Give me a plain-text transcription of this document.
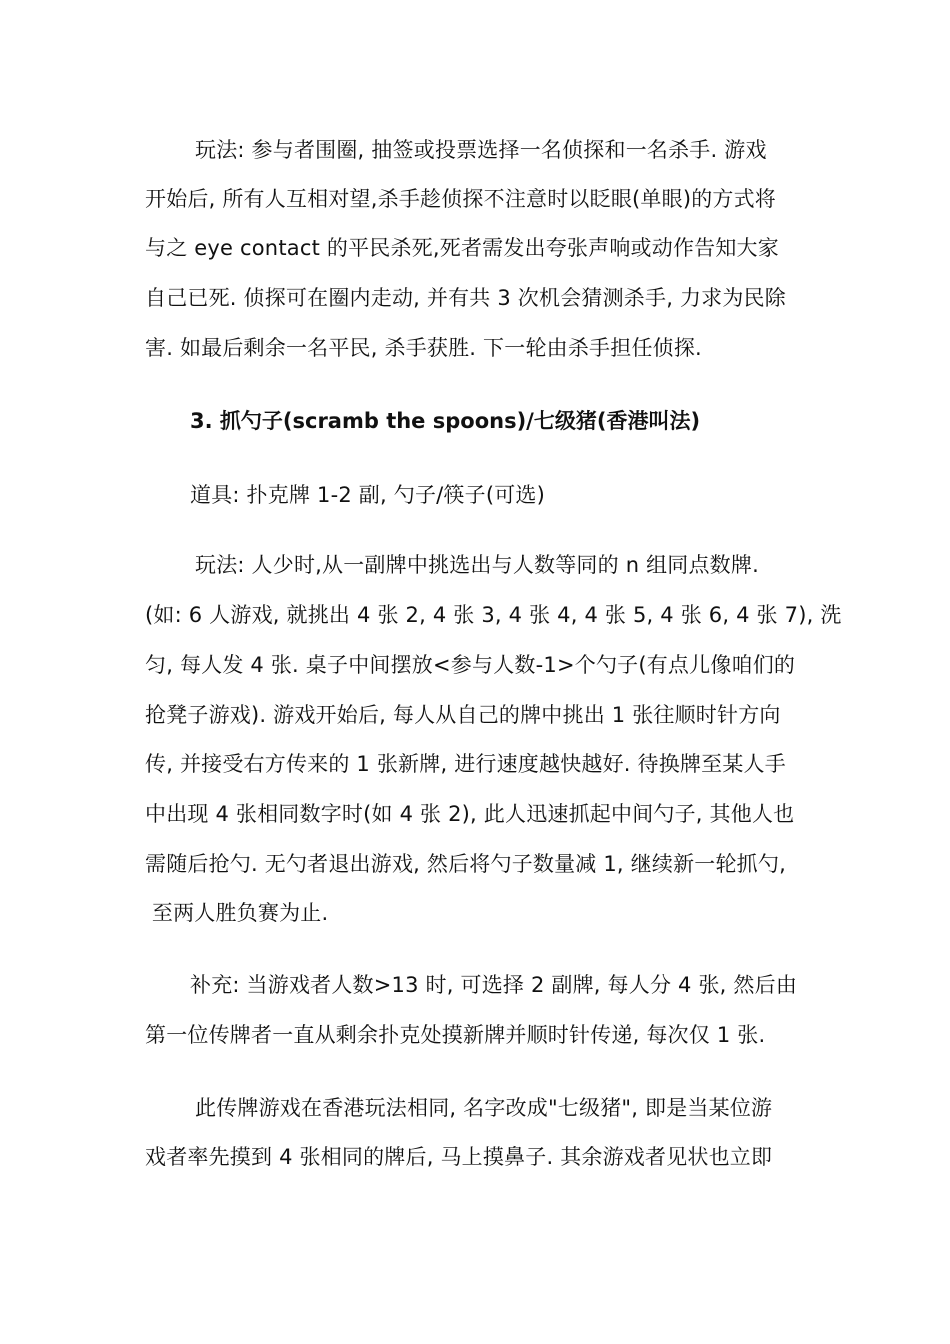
玩法: 参与者围圈, 抽签或投票选择一名侦探和一名杀手. 游戏
开始后, 所有人互相对望,杀手趁侦探不注意时以眨眼(单眼)的方式将
与之 eye contact 的平民杀死,死者需发出夸张声响或动作告知大家
自己已死. 侦探可在圈内走动, 并有共 3 次机会猜测杀手, 力求为民除
害. 如最后剩余一名平民, 杀手获胜. 下一轮由杀手担任侦探.
3. 抓勺子(scramb the spoons)/七级猪(香港叫法)
道具: 扑克牌 1-2 副, 勺子/筷子(可选)
玩法: 人少时,从一副牌中挑选出与人数等同的 n 组同点数牌.
(如: 6 人游戏, 就挑出 4 张 2, 4 张 3, 4 张 4, 4 张 5, 4 张 6, 4 张 7), 洗
匀, 每人发 4 张. 桌子中间摆放<参与人数-1>个勺子(有点儿像咱们的
抢凳子游戏). 游戏开始后, 每人从自己的牌中挑出 1 张往顺时针方向
传, 并接受右方传来的 1 张新牌, 进行速度越快越好. 待换牌至某人手
中出现 4 张相同数字时(如 4 张 2), 此人迅速抓起中间勺子, 其他人也
需随后抢勺. 无勺者退出游戏, 然后将勺子数量减 1, 继续新一轮抓勺,
至两人胜负赛为止.
补充: 当游戏者人数>13 时, 可选择 2 副牌, 每人分 4 张, 然后由
第一位传牌者一直从剩余扑克处摸新牌并顺时针传递, 每次仅 1 张.
此传牌游戏在香港玩法相同, 名字改成"七级猪", 即是当某位游
戏者率先摸到 4 张相同的牌后, 马上摸鼻子. 其余游戏者见状也立即
